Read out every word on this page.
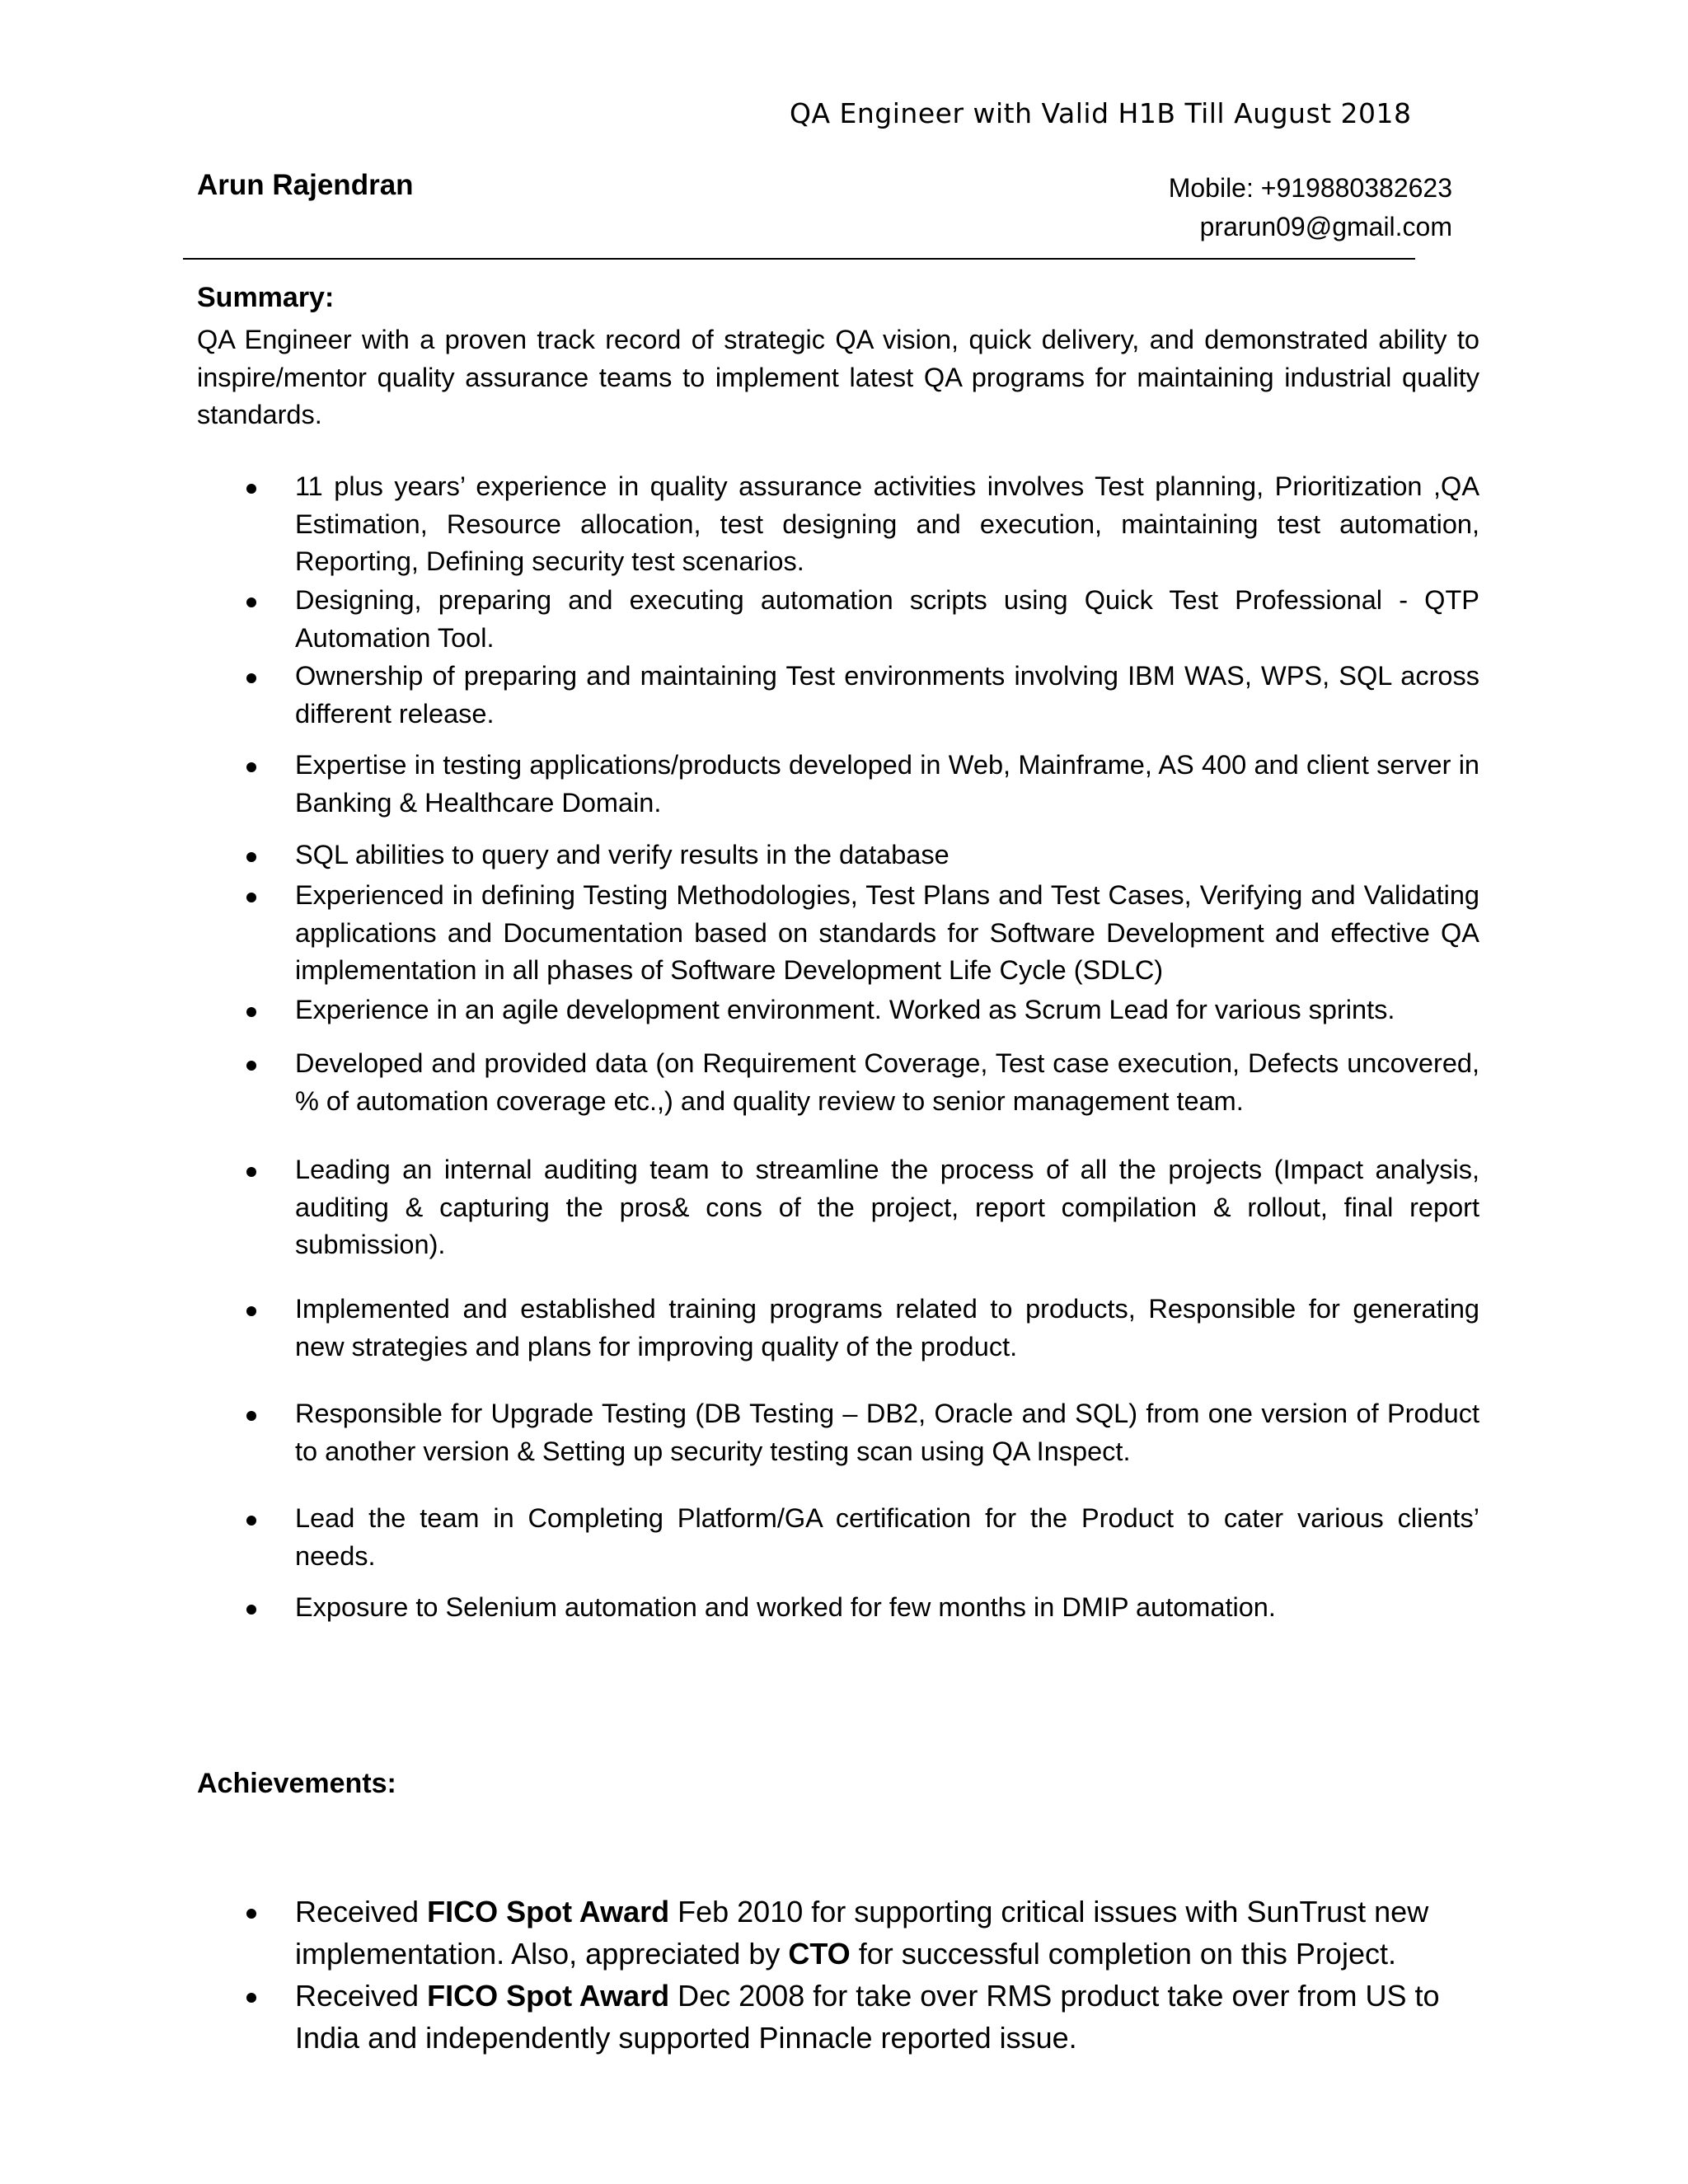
QA Engineer with Valid H1B Till August 2018
Arun Rajendran	Mobile: +919880382623
prarun09@gmail.com
Summary:
QA Engineer with a proven track record of strategic QA vision, quick delivery, and demonstrated ability to inspire/mentor quality assurance teams to implement latest QA programs for maintaining industrial quality standards.
11 plus years’ experience in quality assurance activities involves Test planning, Prioritization ,QA Estimation, Resource allocation, test designing and execution, maintaining test automation, Reporting, Defining security test scenarios.
Designing, preparing and executing automation scripts using Quick Test Professional - QTP Automation Tool.
Ownership of preparing and maintaining Test environments involving IBM WAS, WPS, SQL across different release.
Expertise in testing applications/products developed in Web, Mainframe, AS 400 and client server in Banking & Healthcare Domain.
SQL abilities to query and verify results in the database
Experienced in defining Testing Methodologies, Test Plans and Test Cases, Verifying and Validating applications and Documentation based on standards for Software Development and effective QA implementation in all phases of Software Development Life Cycle (SDLC)
Experience in an agile development environment. Worked as Scrum Lead for various sprints.
Developed and provided data (on Requirement Coverage, Test case execution, Defects uncovered, % of automation coverage etc.,) and quality review to senior management team.
Leading an internal auditing team to streamline the process of all the projects (Impact analysis, auditing & capturing the pros& cons of the project, report compilation & rollout, final report submission).
Implemented and established training programs related to products, Responsible for generating new strategies and plans for improving quality of the product.
Responsible for Upgrade Testing (DB Testing – DB2, Oracle and SQL) from one version of Product to another version & Setting up security testing scan using QA Inspect.
Lead the team in Completing Platform/GA certification for the Product to cater various clients’ needs.
Exposure to Selenium automation and worked for few months in DMIP automation.
Achievements:
Received FICO Spot Award Feb 2010 for supporting critical issues with SunTrust new implementation. Also, appreciated by CTO for successful completion on this Project.
Received FICO Spot Award Dec 2008 for take over RMS product take over from US to India and independently supported Pinnacle reported issue.
